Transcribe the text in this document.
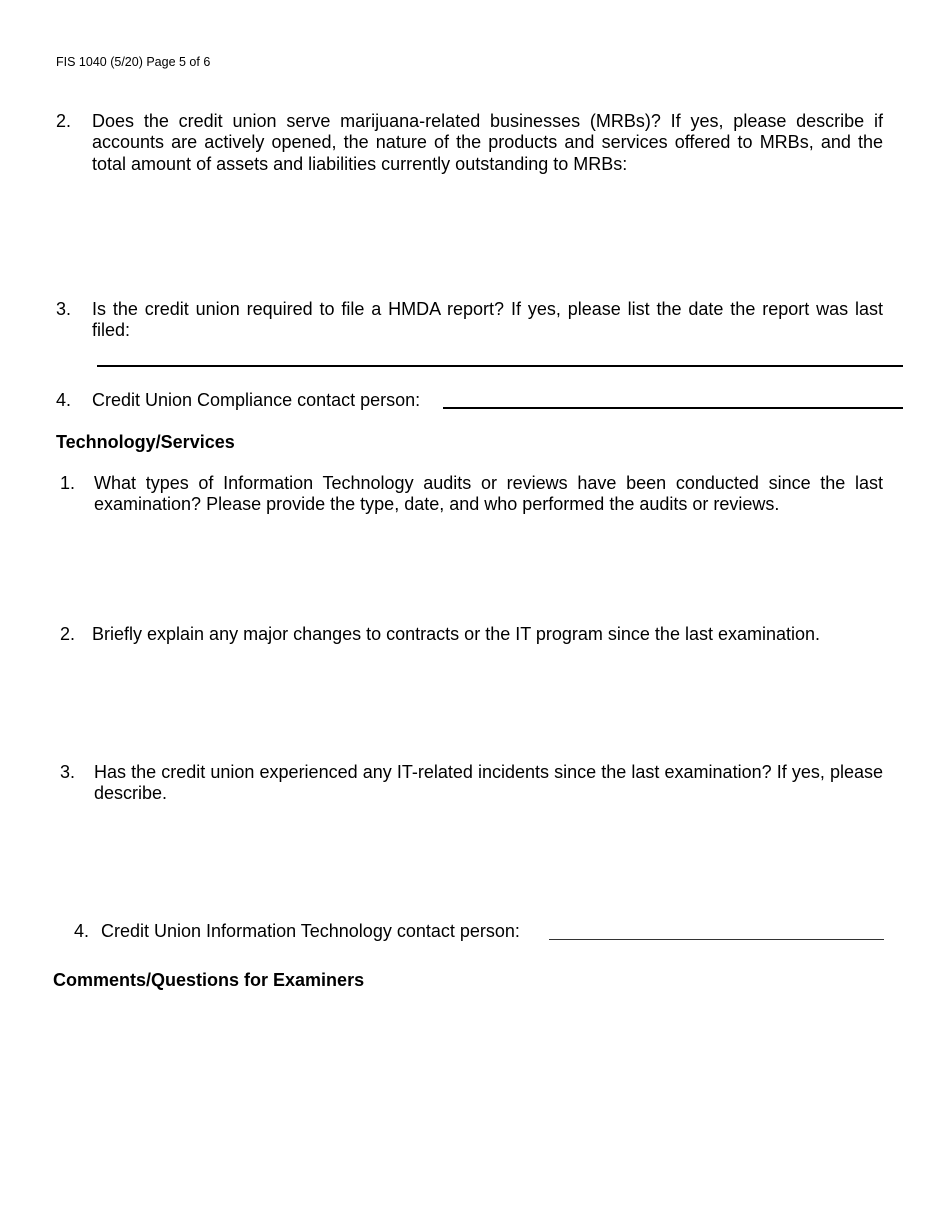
FIS 1040 (5/20) Page 5 of 6
2. Does the credit union serve marijuana-related businesses (MRBs)? If yes, please describe if accounts are actively opened, the nature of the products and services offered to MRBs, and the total amount of assets and liabilities currently outstanding to MRBs:
3. Is the credit union required to file a HMDA report? If yes, please list the date the report was last filed:
4. Credit Union Compliance contact person:
Technology/Services
1. What types of Information Technology audits or reviews have been conducted since the last examination? Please provide the type, date, and who performed the audits or reviews.
2. Briefly explain any major changes to contracts or the IT program since the last examination.
3. Has the credit union experienced any IT-related incidents since the last examination? If yes, please describe.
4. Credit Union Information Technology contact person:
Comments/Questions for Examiners
